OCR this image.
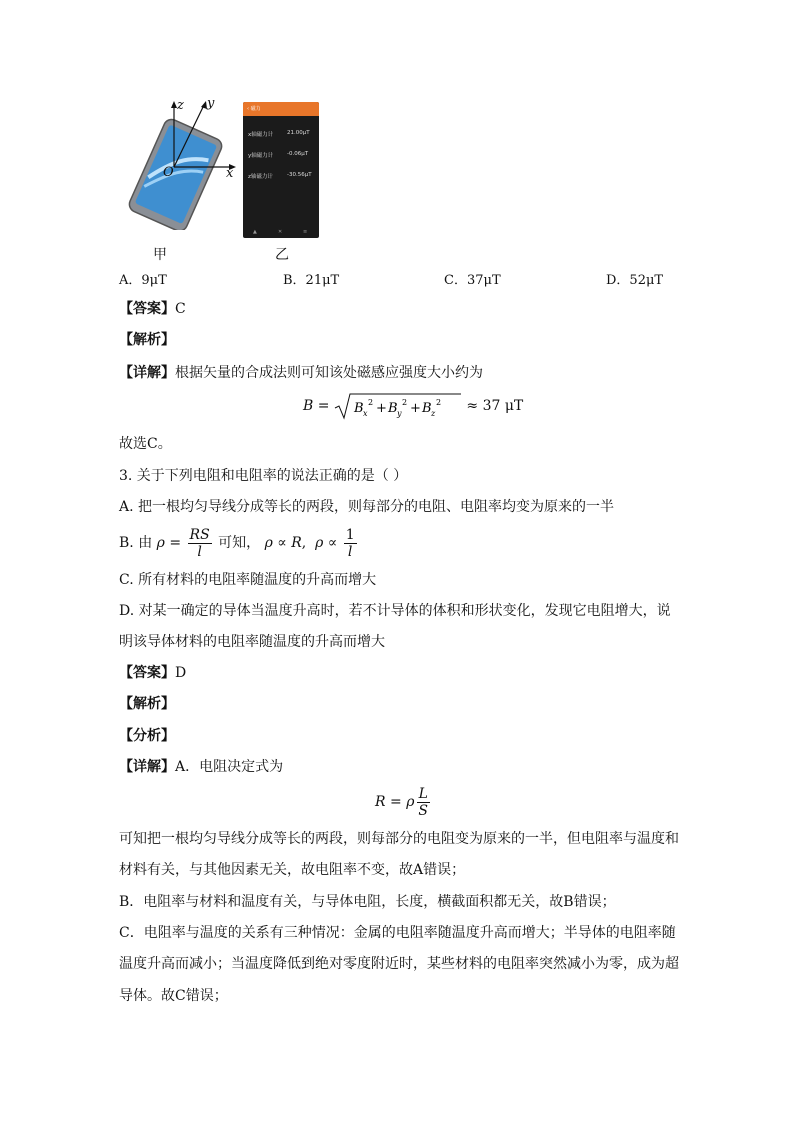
z y
x
O
‹ 磁力
x轴磁力计 21.00μT
y轴磁力计 -0.06μT
z轴磁力计	-30.56μT
▲	✕	≡
甲	乙
A．9μT	B．21μT	C．37μT	D．52μT
【答案】C
【解析】
【详解】根据矢量的合成法则可知该处磁感应强度大小约为
B = B x
2 + B y
2 + B z
2 ≈ 37 μT
故选C。
3. 关于下列电阻和电阻率的说法正确的是（ ）
A. 把一根均匀导线分成等长的两段，则每部分的电阻、电阻率均变为原来的一半
B. 由 $\rho = \frac{RS}{l}$ 可知， ρ ∝ R,  $\rho \propto \frac{1}{l}$
C. 所有材料的电阻率随温度的升高而增大
D. 对某一确定的导体当温度升高时，若不计导体的体积和形状变化，发现它电阻增大，说
明该导体材料的电阻率随温度的升高而增大
【答案】D
【解析】
【分析】
【详解】A．电阻决定式为
R = ρ $\frac{L}{S}$
可知把一根均匀导线分成等长的两段，则每部分的电阻变为原来的一半，但电阻率与温度和
材料有关，与其他因素无关，故电阻率不变，故A错误；
B．电阻率与材料和温度有关，与导体电阻，长度，横截面积都无关，故B错误；
C．电阻率与温度的关系有三种情况：金属的电阻率随温度升高而增大；半导体的电阻率随
温度升高而减小；当温度降低到绝对零度附近时，某些材料的电阻率突然减小为零，成为超
导体。故C错误；
